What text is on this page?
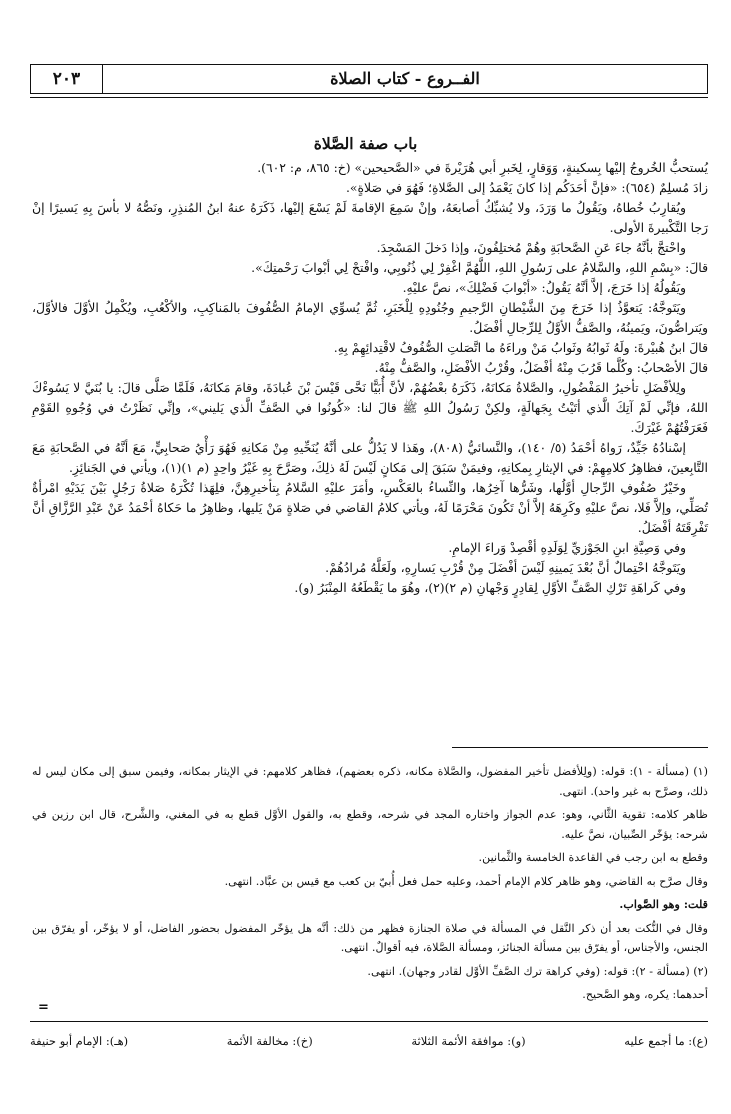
٢٠٣	الفــروع - كتاب الصلاة
باب صفة الصَّلاة

يُستحبُّ الخُروجُ إليْها بِسكينةٍ، وَوَقارٍ، لِخَبرِ أبي هُرَيْرةَ في «الصَّحيحين» (خ: ٨٦٥، م: ٦٠٢).

زادَ مُسلِمٌ (٦٥٤): «فإنَّ أحَدَكُم إذا كانَ يَعْمَدُ إلى الصَّلاةِ؛ فَهُوَ في صَلاةٍ».

ويُقارِبُ خُطاهُ، ويَقُولُ ما وَرَدَ، ولا يُشبِّكُ أصابعَهُ، وإنْ سَمِعَ الإقامةَ لَمْ يَسْعَ إليْها، ذَكَرَهُ عنهُ ابنُ المُنذِرِ، ونَصُّهُ لا بأسَ بِهِ يَسيرًا إنْ رَجا التَّكْبيرةَ الأولى.

واحْتجَّ بأنَّهُ جاءَ عَنِ الصَّحابَةِ وهُمْ مُختلِفُونَ، وإذا دَخلَ المَسْجِدَ.

قالَ: «بِسْمِ اللهِ، والسَّلامُ على رَسُولِ اللهِ، اللَّهُمَّ اغْفِرْ لِي ذُنُوبِي، وافْتحْ لِي أبْوابَ رَحْمتِكَ».

ويَقُولُهُ إذا خَرَجَ، إلاَّ أنَّهُ يَقُولُ: «أبْوابَ فَضْلِكَ»، نصَّ عليْهِ.

ويَتَوجَّهُ: يَتعوَّذُ إذا خَرَجَ مِنَ الشَّيْطانِ الرَّجيمِ وجُنُودِهِ لِلْخَبَرِ، ثُمَّ يُسوِّي الإمامُ الصُّفُوفَ بالمَناكِبِ، والأكْعُبِ، ويُكْمِلُ الأوَّلَ فالأوَّلَ، ويَتراصُّونَ، ويَمينُهُ، والصَّفُّ الأوَّلُ لِلرِّجالِ أفْضَلُ.

قالَ ابنُ هُبيْرةَ: ولَهُ ثَوابُهُ وثَوابُ مَنْ وراءَهُ ما اتَّصَلتِ الصُّفُوفُ لاقْتِدائِهِمْ بِهِ.

قالَ الأصْحابُ: وكُلَّما قَرُبَ مِنْهُ أفْضَلُ، وقُرْبُ الأفْضَلِ، والصَّفُّ مِنْهُ.

ولِلأفْضَلِ تأخيرُ المَفْضُولِ، والصَّلاةُ مَكانَهُ، ذَكَرَهُ بعْضُهُمْ، لأنَّ أُبَيًّا نَحَّى قَيْسَ بْنَ عُبادَةَ، وقامَ مَكانَهُ، فَلَمَّا صَلَّى قالَ: يا بُنَيَّ لا يَسُوءْكَ اللهُ، فإنِّي لَمْ آتِكَ الَّذي أتَيْتُ بِجَهالَةٍ، ولكِنْ رَسُولُ اللهِ ﷺ قالَ لنا: «كُونُوا في الصَّفِّ الَّذي يَليني»، وإنِّي نَظَرْتُ في وُجُوهِ القَوْمِ فَعَرَفْتُهُمْ غَيْرَكَ.

إسْنادُهُ جَيِّدٌ، رَواهُ أحْمَدُ (٥/ ١٤٠)، والنَّسائيُّ (٨٠٨)، وهَذا لا يَدُلُّ على أنَّهُ يُنَحِّيهِ مِنْ مَكانِهِ فَهُوَ رَأْيُ صَحابِيٍّ، مَعَ أنَّهُ في الصَّحابَةِ مَعَ التَّابِعينَ، فظاهِرُ كلامِهِمْ: في الإيثارِ بِمكانِهِ، وفيمَنْ سَبَقَ إلى مَكانٍ لَيْسَ لَهُ ذلِكَ، وصَرَّحَ بِهِ غَيْرُ واحِدٍ (م ١)(١)، ويأتي في الجَنائِزِ.

وخَيْرُ صُفُوفِ الرِّجالِ أوَّلُها، وشَرُّها آخِرُها، والنِّساءُ بالعَكْسِ، وأمَرَ عليْهِ السَّلامُ بِتأخيرِهِنَّ، فلِهَذا تُكْرَهُ صَلاةُ رَجُلٍ بَيْنَ يَدَيْهِ امْرأةٌ تُصَلِّي، وإلاَّ فَلا، نصَّ عليْهِ وكَرِهَهُ إلاَّ أنْ تَكُونَ مَحْرَمًا لَهُ، ويأتي كلامُ القاضي في صَلاةٍ مَنْ يَليها، وظاهِرُ ما حَكاهُ أحْمَدُ عَنْ عَبْدِ الرَّزَّاقِ أنَّ تَفْرِقَتَهُ أفْضَلُ.

وفي وَصِيَّةِ ابنِ الجَوْزيِّ لِوَلَدِهِ أقْصِدْ وَراءَ الإمامِ.

ويَتَوجَّهُ احْتِمالٌ أنَّ بُعْدَ يَمينِهِ لَيْسَ أفْضَلَ مِنْ قُرْبِ يَسارِهِ، ولَعَلَّهُ مُرادُهُمْ.

وفي كَراهَةِ تَرْكِ الصَّفِّ الأوَّلِ لِقادِرٍ وَجْهانِ (م ٢)(٢)، وهُوَ ما يَقْطَعُهُ المِنْبَرُ (و).

(١) (مسألة - ١): قوله: (ولِلأفضل تأخير المفضول، والصَّلاة مكانه، ذكره بعضهم)، فظاهر كلامهم: في الإيثار بمكانه، وفيمن سبق إلى مكان ليس له ذلك، وصرَّح به غير واحد). انتهى.

ظاهر كلامه: تقوية الثَّاني، وهو: عدم الجواز واختاره المجد في شرحه، وقطع به، والقول الأوَّل قطع به في المغني، والشَّرح، قال ابن رزين في شرحه: يؤخّر الصِّبيان، نصَّ عليه.

وقطع به ابن رجب في القاعدة الخامسة والثَّمانين.

وقال صرَّح به القاضي، وهو ظاهر كلام الإمام أحمد، وعليه حمل فعل أُبيّ بن كعب مع قيس بن عبَّاد. انتهى.

قلت: وهو الصَّواب.

وقال في النُّكت بعد أن ذكر النَّقل في المسألة في صلاة الجنازة فظهر من ذلك: أنَّه هل يؤخّر المفضول بحضور الفاضل، أو لا يؤخّر، أو يفرّق بين الجنس، والأجناس، أو يفرّق بين مسألة الجنائز، ومسألة الصَّلاة، فيه أقوالٌ. انتهى.

(٢) (مسألة - ٢): قوله: (وفي كراهة ترك الصَّفِّ الأوَّل لقادر وجهان). انتهى.

أحدهما: يكره، وهو الصَّحيح.

=
(ع): ما أجمع عليه
(و): موافقة الأئمة الثلاثة
(خ): مخالفة الأئمة
(هـ): الإمام أبو حنيفة
